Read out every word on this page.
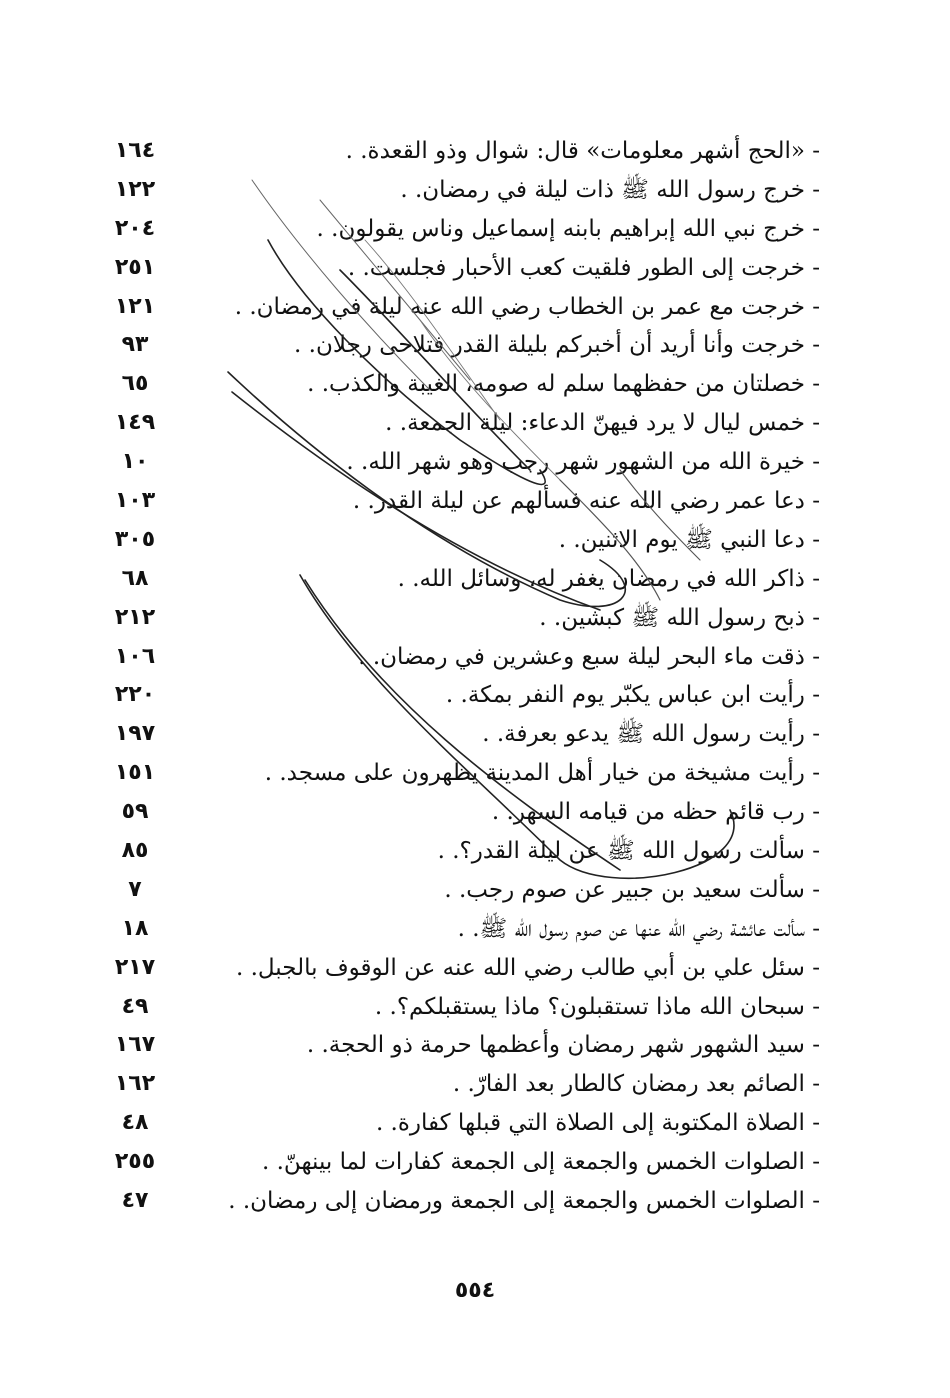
- «الحج أشهر معلومات» قال: شوال وذو القعدة. .
١٦٤
- خرج رسول الله ﷺ ذات ليلة في رمضان. .
١٢٢
- خرج نبي الله إبراهيم بابنه إسماعيل وناس يقولون. .
٢٠٤
- خرجت إلى الطور فلقيت كعب الأحبار فجلست. .
٢٥١
- خرجت مع عمر بن الخطاب رضي الله عنه ليلة في رمضان. .
١٢١
- خرجت وأنا أريد أن أخبركم بليلة القدر فتلاحى رجلان. .
٩٣
- خصلتان من حفظهما سلم له صومه، الغيبة والكذب. .
٦٥
- خمس ليال لا يرد فيهنّ الدعاء: ليلة الجمعة. .
١٤٩
- خيرة الله من الشهور شهر رجب وهو شهر الله. .
١٠
- دعا عمر رضي الله عنه فسألهم عن ليلة القدر. .
١٠٣
- دعا النبي ﷺ يوم الاثنين. .
٣٠٥
- ذاكر الله في رمضان يغفر له، وسائل الله. .
٦٨
- ذبح رسول الله ﷺ كبشين. .
٢١٢
- ذقت ماء البحر ليلة سبع وعشرين في رمضان. .
١٠٦
- رأيت ابن عباس يكبّر يوم النفر بمكة. .
٢٢٠
- رأيت رسول الله ﷺ يدعو بعرفة. .
١٩٧
- رأيت مشيخة من خيار أهل المدينة يظهرون على مسجد. .
١٥١
- رب قائم حظه من قيامه السهر. .
٥٩
- سألت رسول الله ﷺ عن ليلة القدر؟. .
٨٥
- سألت سعيد بن جبير عن صوم رجب. .
٧
- سألت عائشة رضي الله عنها عن صوم رسول الله ﷺ. .
١٨
- سئل علي بن أبي طالب رضي الله عنه عن الوقوف بالجبل. .
٢١٧
- سبحان الله ماذا تستقبلون؟ ماذا يستقبلكم؟. .
٤٩
- سيد الشهور شهر رمضان وأعظمها حرمة ذو الحجة. .
١٦٧
- الصائم بعد رمضان كالطار بعد الفارّ. .
١٦٢
- الصلاة المكتوبة إلى الصلاة التي قبلها كفارة. .
٤٨
- الصلوات الخمس والجمعة إلى الجمعة كفارات لما بينهنّ. .
٢٥٥
- الصلوات الخمس والجمعة إلى الجمعة ورمضان إلى رمضان. .
٤٧
٥٥٤
